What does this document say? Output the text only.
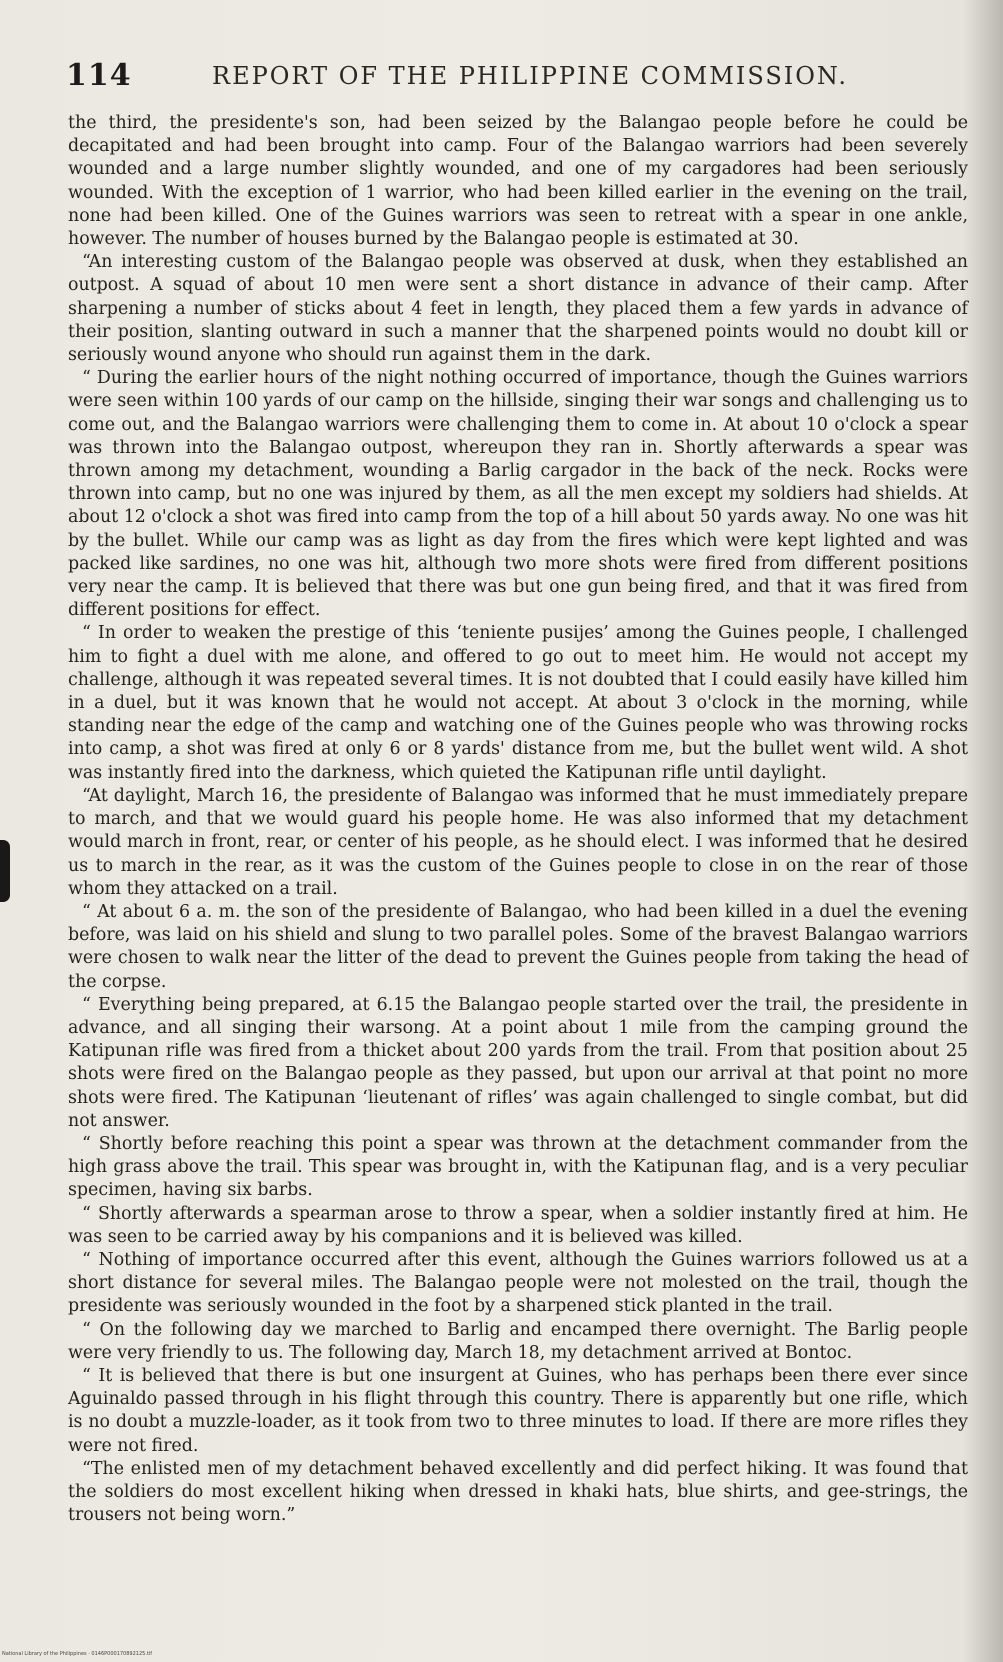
114	REPORT OF THE PHILIPPINE COMMISSION.

the third, the presidente's son, had been seized by the Balangao people before he could be decapitated and had been brought into camp. Four of the Balangao warriors had been severely wounded and a large number slightly wounded, and one of my cargadores had been seriously wounded. With the exception of 1 warrior, who had been killed earlier in the evening on the trail, none had been killed. One of the Guines warriors was seen to retreat with a spear in one ankle, however. The number of houses burned by the Balangao people is estimated at 30.

“An interesting custom of the Balangao people was observed at dusk, when they established an outpost. A squad of about 10 men were sent a short distance in advance of their camp. After sharpening a number of sticks about 4 feet in length, they placed them a few yards in advance of their position, slanting outward in such a manner that the sharpened points would no doubt kill or seriously wound anyone who should run against them in the dark.

“ During the earlier hours of the night nothing occurred of importance, though the Guines warriors were seen within 100 yards of our camp on the hillside, singing their war songs and challenging us to come out, and the Balangao warriors were challenging them to come in. At about 10 o'clock a spear was thrown into the Balangao outpost, whereupon they ran in. Shortly afterwards a spear was thrown among my detachment, wounding a Barlig cargador in the back of the neck. Rocks were thrown into camp, but no one was injured by them, as all the men except my soldiers had shields. At about 12 o'clock a shot was fired into camp from the top of a hill about 50 yards away. No one was hit by the bullet. While our camp was as light as day from the fires which were kept lighted and was packed like sardines, no one was hit, although two more shots were fired from different positions very near the camp. It is believed that there was but one gun being fired, and that it was fired from different positions for effect.

“ In order to weaken the prestige of this ‘teniente pusijes’ among the Guines people, I challenged him to fight a duel with me alone, and offered to go out to meet him. He would not accept my challenge, although it was repeated several times. It is not doubted that I could easily have killed him in a duel, but it was known that he would not accept. At about 3 o'clock in the morning, while standing near the edge of the camp and watching one of the Guines people who was throwing rocks into camp, a shot was fired at only 6 or 8 yards' distance from me, but the bullet went wild. A shot was instantly fired into the darkness, which quieted the Katipunan rifle until daylight.

“At daylight, March 16, the presidente of Balangao was informed that he must immediately prepare to march, and that we would guard his people home. He was also informed that my detachment would march in front, rear, or center of his people, as he should elect. I was informed that he desired us to march in the rear, as it was the custom of the Guines people to close in on the rear of those whom they attacked on a trail.

“ At about 6 a. m. the son of the presidente of Balangao, who had been killed in a duel the evening before, was laid on his shield and slung to two parallel poles. Some of the bravest Balangao warriors were chosen to walk near the litter of the dead to prevent the Guines people from taking the head of the corpse.

“ Everything being prepared, at 6.15 the Balangao people started over the trail, the presidente in advance, and all singing their warsong. At a point about 1 mile from the camping ground the Katipunan rifle was fired from a thicket about 200 yards from the trail. From that position about 25 shots were fired on the Balangao people as they passed, but upon our arrival at that point no more shots were fired. The Katipunan ‘lieutenant of rifles’ was again challenged to single combat, but did not answer.

“ Shortly before reaching this point a spear was thrown at the detachment commander from the high grass above the trail. This spear was brought in, with the Katipunan flag, and is a very peculiar specimen, having six barbs.

“ Shortly afterwards a spearman arose to throw a spear, when a soldier instantly fired at him. He was seen to be carried away by his companions and it is believed was killed.

“ Nothing of importance occurred after this event, although the Guines warriors followed us at a short distance for several miles. The Balangao people were not molested on the trail, though the presidente was seriously wounded in the foot by a sharpened stick planted in the trail.

“ On the following day we marched to Barlig and encamped there overnight. The Barlig people were very friendly to us. The following day, March 18, my detachment arrived at Bontoc.

“ It is believed that there is but one insurgent at Guines, who has perhaps been there ever since Aguinaldo passed through in his flight through this country. There is apparently but one rifle, which is no doubt a muzzle-loader, as it took from two to three minutes to load. If there are more rifles they were not fired.

“The enlisted men of my detachment behaved excellently and did perfect hiking. It was found that the soldiers do most excellent hiking when dressed in khaki hats, blue shirts, and gee-strings, the trousers not being worn.”

National Library of the Philippines · 0146P000170892125.tif
